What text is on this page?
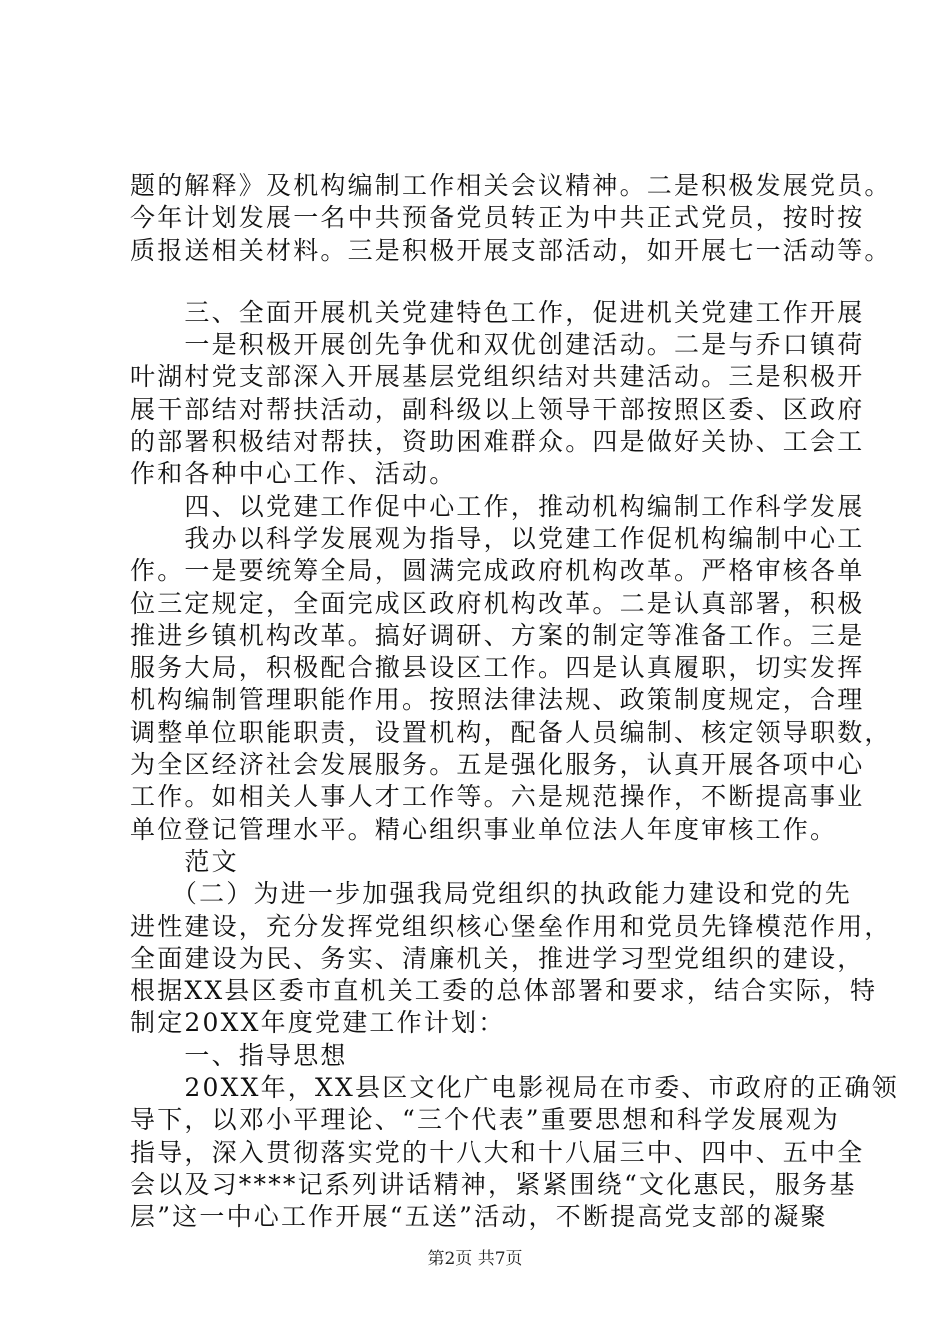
题的解释》及机构编制工作相关会议精神。二是积极发展党员。
今年计划发展一名中共预备党员转正为中共正式党员，按时按
质报送相关材料。三是积极开展支部活动，如开展七一活动等。
　　三、全面开展机关党建特色工作，促进机关党建工作开展
　　一是积极开展创先争优和双优创建活动。二是与乔口镇荷
叶湖村党支部深入开展基层党组织结对共建活动。三是积极开
展干部结对帮扶活动，副科级以上领导干部按照区委、区政府
的部署积极结对帮扶，资助困难群众。四是做好关协、工会工
作和各种中心工作、活动。
　　四、以党建工作促中心工作，推动机构编制工作科学发展
　　我办以科学发展观为指导，以党建工作促机构编制中心工
作。一是要统筹全局，圆满完成政府机构改革。严格审核各单
位三定规定，全面完成区政府机构改革。二是认真部署，积极
推进乡镇机构改革。搞好调研、方案的制定等准备工作。三是
服务大局，积极配合撤县设区工作。四是认真履职，切实发挥
机构编制管理职能作用。按照法律法规、政策制度规定，合理
调整单位职能职责，设置机构，配备人员编制、核定领导职数，
为全区经济社会发展服务。五是强化服务，认真开展各项中心
工作。如相关人事人才工作等。六是规范操作，不断提高事业
单位登记管理水平。精心组织事业单位法人年度审核工作。
　　范文
　　（二）为进一步加强我局党组织的执政能力建设和党的先
进性建设，充分发挥党组织核心堡垒作用和党员先锋模范作用，
全面建设为民、务实、清廉机关，推进学习型党组织的建设，
根据XX县区委市直机关工委的总体部署和要求，结合实际，特
制定20XX年度党建工作计划：
　　一、指导思想
　　20XX年，XX县区文化广电影视局在市委、市政府的正确领
导下，以邓小平理论、“三个代表”重要思想和科学发展观为
指导，深入贯彻落实党的十八大和十八届三中、四中、五中全
会以及习****记系列讲话精神，紧紧围绕“文化惠民，服务基
层”这一中心工作开展“五送”活动，不断提高党支部的凝聚
第2页 共7页
